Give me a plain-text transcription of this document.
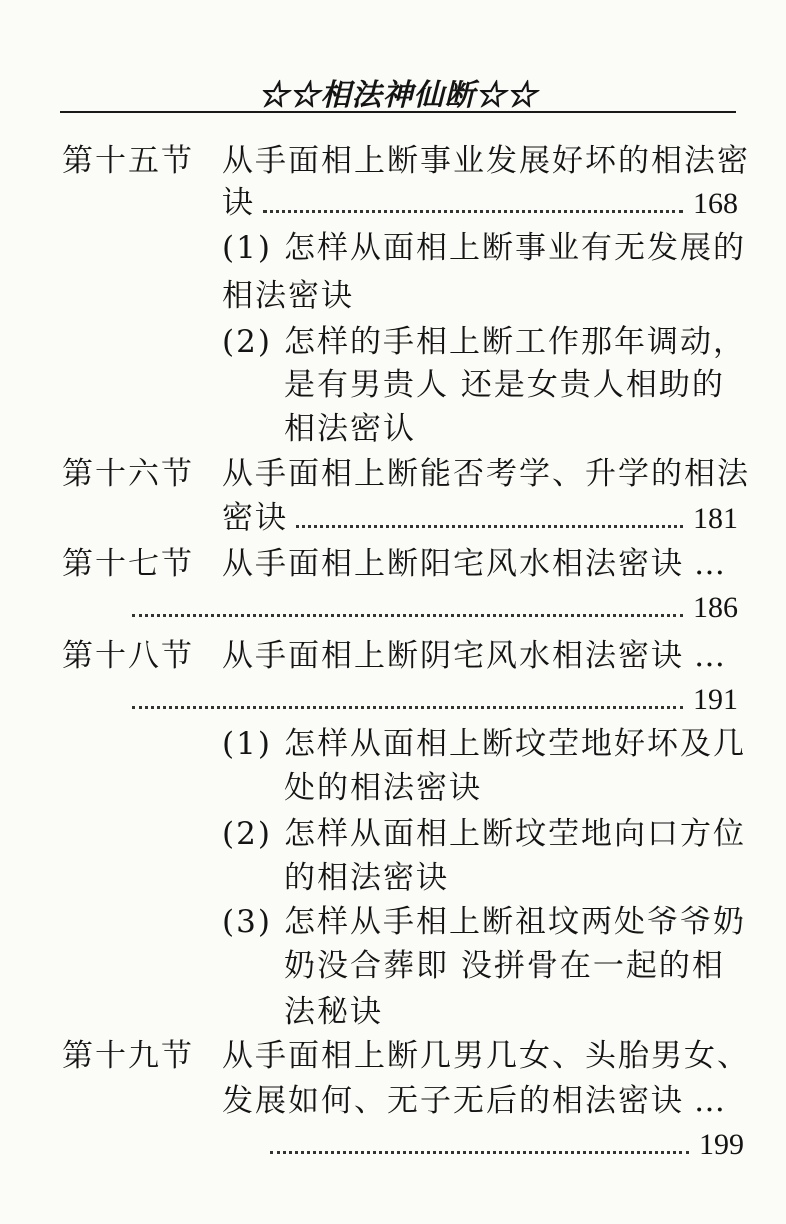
☆☆相法神仙断☆☆
第十五节 从手面相上断事业发展好坏的相法密
诀	168
(1) 怎样从面相上断事业有无发展的
相法密诀
(2) 怎样的手相上断工作那年调动，
是有男贵人 还是女贵人相助的
相法密认
第十六节 从手面相上断能否考学、升学的相法
密诀	181
第十七节 从手面相上断阳宅风水相法密诀 …
186
第十八节 从手面相上断阴宅风水相法密诀 …
191
(1) 怎样从面相上断坟茔地好坏及几
处的相法密诀
(2) 怎样从面相上断坟茔地向口方位
的相法密诀
(3) 怎样从手相上断祖坟两处爷爷奶
奶没合葬即 没拼骨在一起的相
法秘诀
第十九节 从手面相上断几男几女、头胎男女、
发展如何、无子无后的相法密诀 …
199
